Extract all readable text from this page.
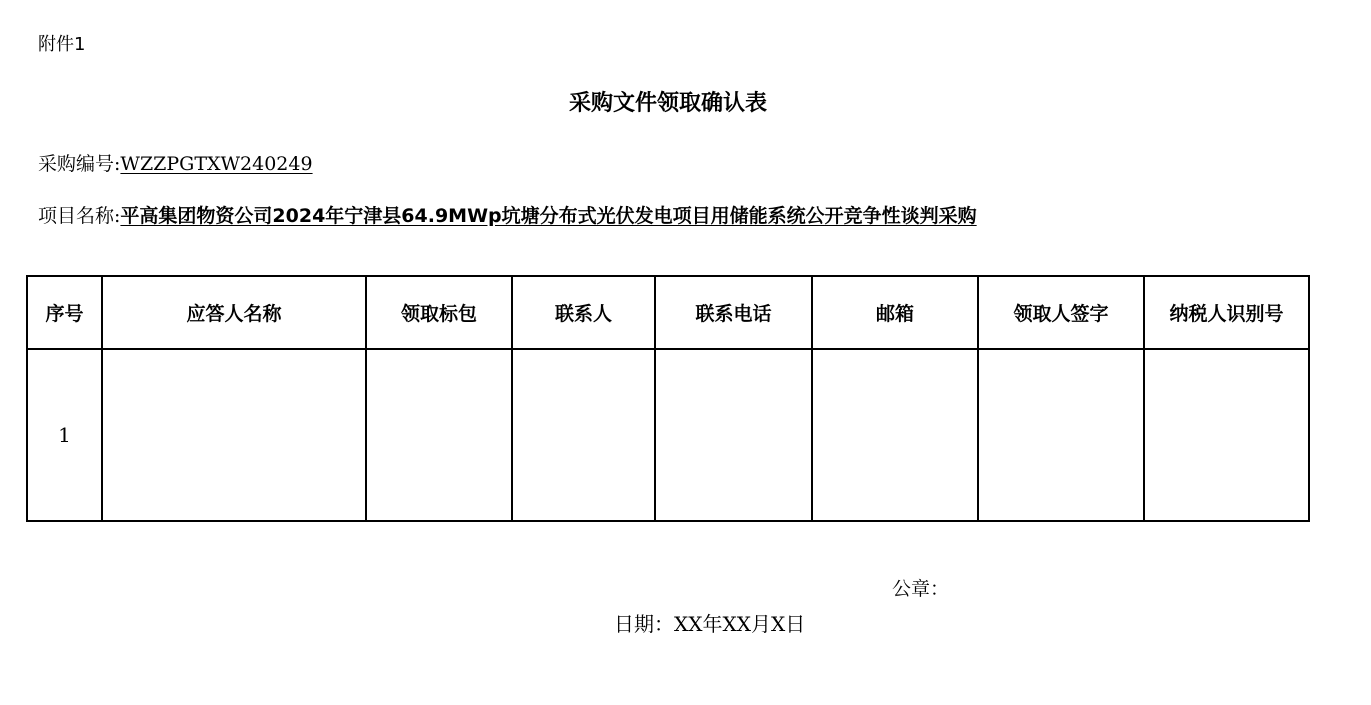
附件1
采购文件领取确认表
采购编号:WZZPGTXW240249
项目名称:平高集团物资公司2024年宁津县64.9MWp坑塘分布式光伏发电项目用储能系统公开竞争性谈判采购
序号	应答人名称	领取标包	联系人	联系电话	邮箱	领取人签字	纳税人识别号
1							
公章：
日期：XX年XX月X日
